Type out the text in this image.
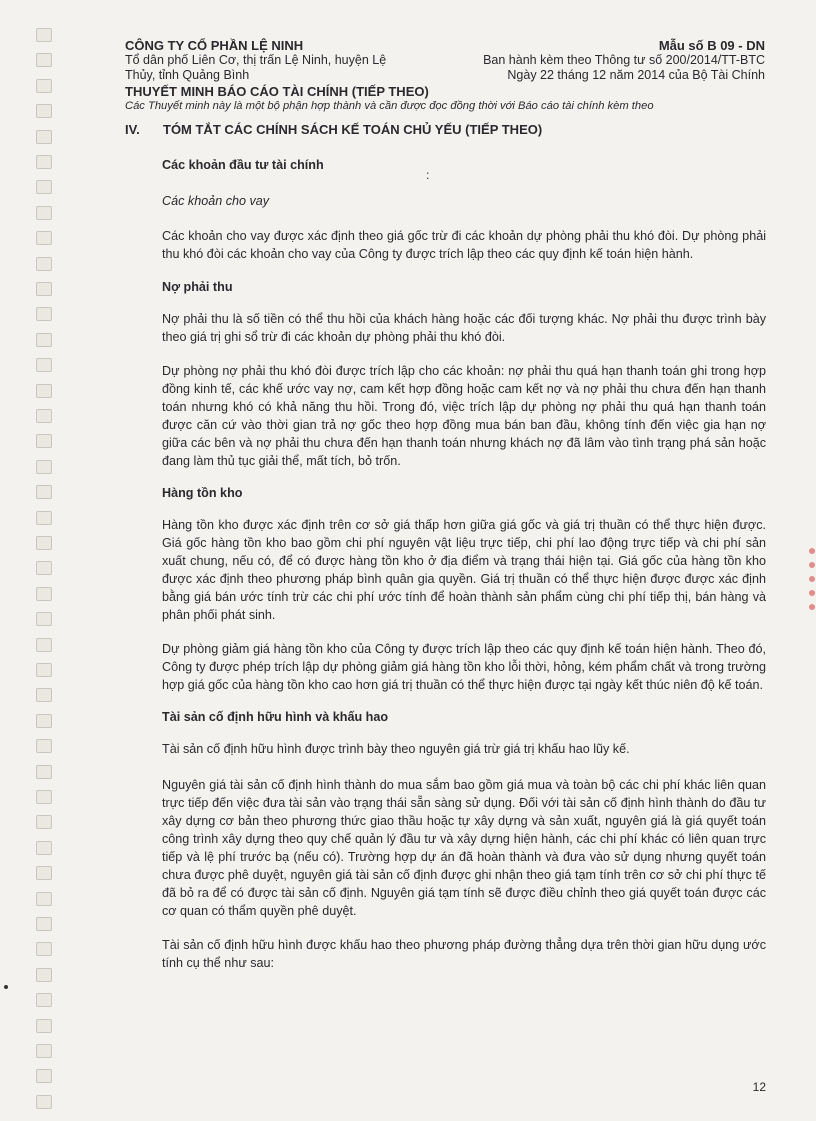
CÔNG TY CỔ PHẦN LỆ NINH
Tổ dân phố Liên Cơ, thị trấn Lệ Ninh, huyện Lệ
Thủy, tỉnh Quảng Bình
Mẫu số B 09 - DN
Ban hành kèm theo Thông tư số 200/2014/TT-BTC
Ngày 22 tháng 12 năm 2014 của Bộ Tài Chính
THUYẾT MINH BÁO CÁO TÀI CHÍNH (TIẾP THEO)
Các Thuyết minh này là một bộ phận hợp thành và cần được đọc đồng thời với Báo cáo tài chính kèm theo
IV. TÓM TẮT CÁC CHÍNH SÁCH KẾ TOÁN CHỦ YẾU (TIẾP THEO)
:

Các khoản đầu tư tài chính

Các khoản cho vay

Các khoản cho vay được xác định theo giá gốc trừ đi các khoản dự phòng phải thu khó đòi. Dự phòng phải thu khó đòi các khoản cho vay của Công ty được trích lập theo các quy định kế toán hiện hành.

Nợ phải thu

Nợ phải thu là số tiền có thể thu hồi của khách hàng hoặc các đối tượng khác. Nợ phải thu được trình bày theo giá trị ghi sổ trừ đi các khoản dự phòng phải thu khó đòi.

Dự phòng nợ phải thu khó đòi được trích lập cho các khoản: nợ phải thu quá hạn thanh toán ghi trong hợp đồng kinh tế, các khế ước vay nợ, cam kết hợp đồng hoặc cam kết nợ và nợ phải thu chưa đến hạn thanh toán nhưng khó có khả năng thu hồi. Trong đó, việc trích lập dự phòng nợ phải thu quá hạn thanh toán được căn cứ vào thời gian trả nợ gốc theo hợp đồng mua bán ban đầu, không tính đến việc gia hạn nợ giữa các bên và nợ phải thu chưa đến hạn thanh toán nhưng khách nợ đã lâm vào tình trạng phá sản hoặc đang làm thủ tục giải thể, mất tích, bỏ trốn.

Hàng tồn kho

Hàng tồn kho được xác định trên cơ sở giá thấp hơn giữa giá gốc và giá trị thuần có thể thực hiện được. Giá gốc hàng tồn kho bao gồm chi phí nguyên vật liệu trực tiếp, chi phí lao động trực tiếp và chi phí sản xuất chung, nếu có, để có được hàng tồn kho ở địa điểm và trạng thái hiện tại. Giá gốc của hàng tồn kho được xác định theo phương pháp bình quân gia quyền. Giá trị thuần có thể thực hiện được được xác định bằng giá bán ước tính trừ các chi phí ước tính để hoàn thành sản phẩm cùng chi phí tiếp thị, bán hàng và phân phối phát sinh.

Dự phòng giảm giá hàng tồn kho của Công ty được trích lập theo các quy định kế toán hiện hành. Theo đó, Công ty được phép trích lập dự phòng giảm giá hàng tồn kho lỗi thời, hỏng, kém phẩm chất và trong trường hợp giá gốc của hàng tồn kho cao hơn giá trị thuần có thể thực hiện được tại ngày kết thúc niên độ kế toán.

Tài sản cố định hữu hình và khấu hao

Tài sản cố định hữu hình được trình bày theo nguyên giá trừ giá trị khấu hao lũy kế.

Nguyên giá tài sản cố định hình thành do mua sắm bao gồm giá mua và toàn bộ các chi phí khác liên quan trực tiếp đến việc đưa tài sản vào trạng thái sẵn sàng sử dụng. Đối với tài sản cố định hình thành do đầu tư xây dựng cơ bản theo phương thức giao thầu hoặc tự xây dựng và sản xuất, nguyên giá là giá quyết toán công trình xây dựng theo quy chế quản lý đầu tư và xây dựng hiện hành, các chi phí khác có liên quan trực tiếp và lệ phí trước bạ (nếu có). Trường hợp dự án đã hoàn thành và đưa vào sử dụng nhưng quyết toán chưa được phê duyệt, nguyên giá tài sản cố định được ghi nhận theo giá tạm tính trên cơ sở chi phí thực tế đã bỏ ra để có được tài sản cố định. Nguyên giá tạm tính sẽ được điều chỉnh theo giá quyết toán được các cơ quan có thẩm quyền phê duyệt.

Tài sản cố định hữu hình được khấu hao theo phương pháp đường thẳng dựa trên thời gian hữu dụng ước tính cụ thể như sau:

12
